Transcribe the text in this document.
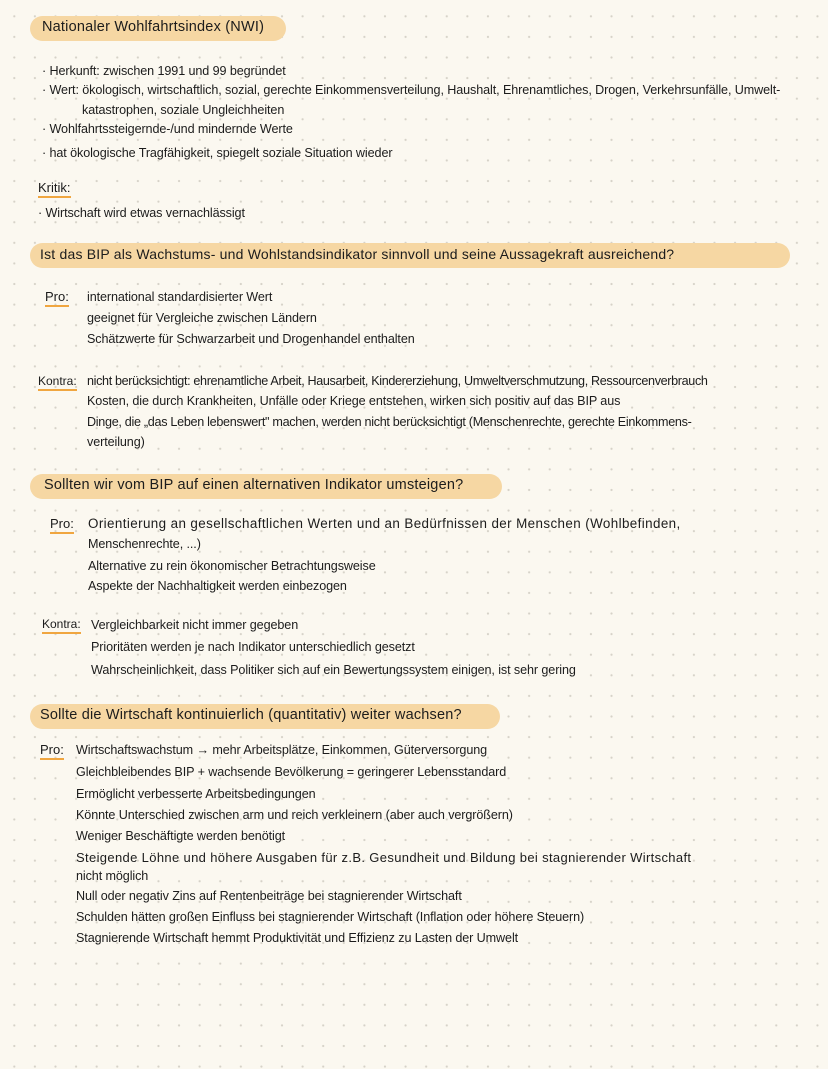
Nationaler Wohlfahrtsindex (NWI)
· Herkunft: zwischen 1991 und 99 begründet
· Wert: ökologisch, wirtschaftlich, sozial, gerechte Einkommensverteilung, Haushalt, Ehrenamtliches, Drogen, Verkehrsunfälle, Umwelt-
katastrophen, soziale Ungleichheiten
· Wohlfahrtssteigernde-/und mindernde Werte
· hat ökologische Tragfähigkeit, spiegelt soziale Situation wieder
Kritik:
· Wirtschaft wird etwas vernachlässigt
Ist das BIP als Wachstums- und Wohlstandsindikator sinnvoll und seine Aussagekraft ausreichend?
Pro: international standardisierter Wert
geeignet für Vergleiche zwischen Ländern
Schätzwerte für Schwarzarbeit und Drogenhandel enthalten
Kontra: nicht berücksichtigt: ehrenamtliche Arbeit, Hausarbeit, Kindererziehung, Umweltverschmutzung, Ressourcenverbrauch
Kosten, die durch Krankheiten, Unfälle oder Kriege entstehen, wirken sich positiv auf das BIP aus
Dinge, die „das Leben lebenswert" machen, werden nicht berücksichtigt (Menschenrechte, gerechte Einkommens-
verteilung)
Sollten wir vom BIP auf einen alternativen Indikator umsteigen?
Pro: Orientierung an gesellschaftlichen Werten und an Bedürfnissen der Menschen (Wohlbefinden,
Menschenrechte, ...)
Alternative zu rein ökonomischer Betrachtungsweise
Aspekte der Nachhaltigkeit werden einbezogen
Kontra: Vergleichbarkeit nicht immer gegeben
Prioritäten werden je nach Indikator unterschiedlich gesetzt
Wahrscheinlichkeit, dass Politiker sich auf ein Bewertungssystem einigen, ist sehr gering
Sollte die Wirtschaft kontinuierlich (quantitativ) weiter wachsen?
Pro: Wirtschaftswachstum → mehr Arbeitsplätze, Einkommen, Güterversorgung
Gleichbleibendes BIP + wachsende Bevölkerung = geringerer Lebensstandard
Ermöglicht verbesserte Arbeitsbedingungen
Könnte Unterschied zwischen arm und reich verkleinern (aber auch vergrößern)
Weniger Beschäftigte werden benötigt
Steigende Löhne und höhere Ausgaben für z.B. Gesundheit und Bildung bei stagnierender Wirtschaft
nicht möglich
Null oder negativ Zins auf Rentenbeiträge bei stagnierender Wirtschaft
Schulden hätten großen Einfluss bei stagnierender Wirtschaft (Inflation oder höhere Steuern)
Stagnierende Wirtschaft hemmt Produktivität und Effizienz zu Lasten der Umwelt
